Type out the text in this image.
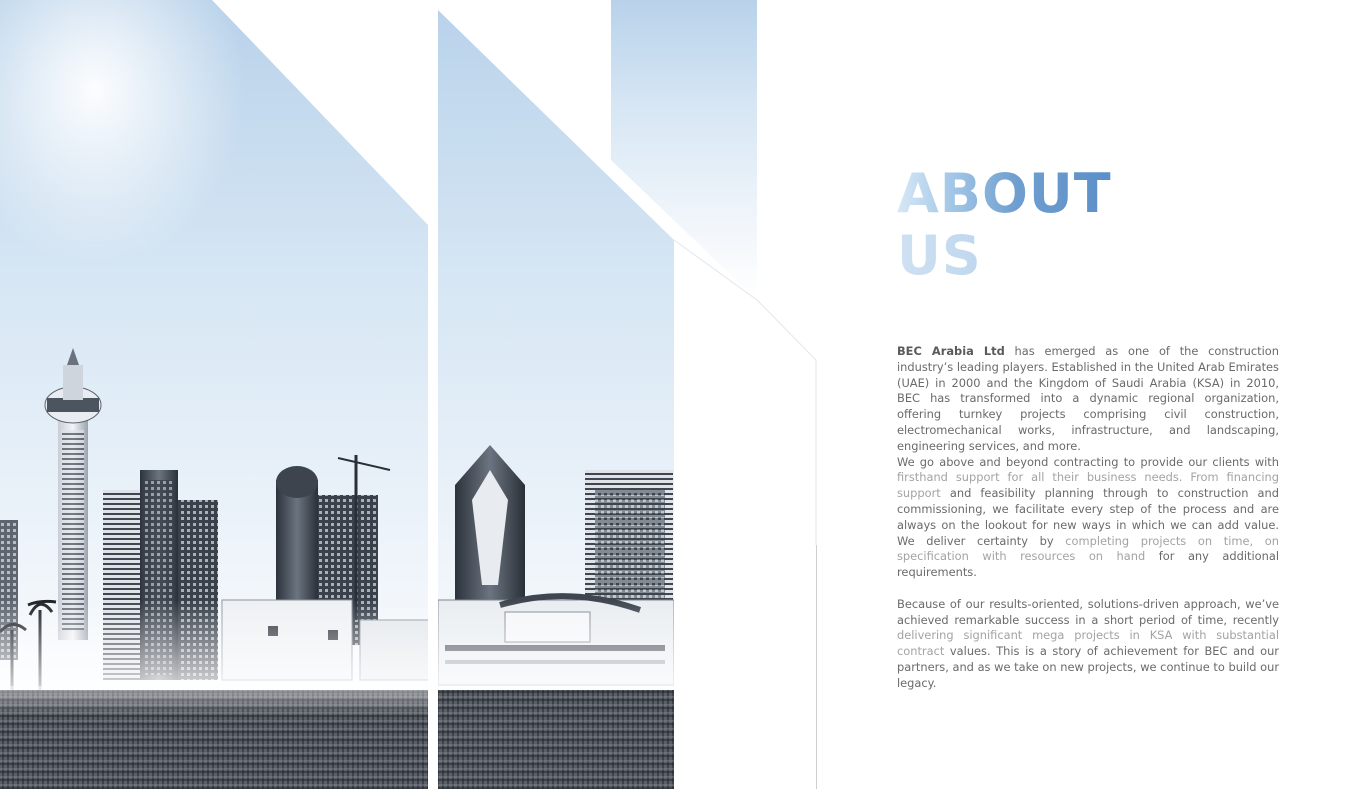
ABOUT
US

BEC Arabia Ltd has emerged as one of the construction industry’s leading players. Established in the United Arab Emirates (UAE) in 2000 and the Kingdom of Saudi Arabia (KSA) in 2010, BEC has transformed into a dynamic regional organization, offering turnkey projects comprising civil construction, electromechanical works, infrastructure, and landscaping, engineering services, and more.

We go above and beyond contracting to provide our clients with firsthand support for all their business needs. From financing support and feasibility planning through to construction and commissioning, we facilitate every step of the process and are always on the lookout for new ways in which we can add value. We deliver certainty by completing projects on time, on specification with resources on hand for any additional requirements.

Because of our results-oriented, solutions-driven approach, we’ve achieved remarkable success in a short period of time, recently delivering significant mega projects in KSA with substantial contract values. This is a story of achievement for BEC and our partners, and as we take on new projects, we continue to build our legacy.
